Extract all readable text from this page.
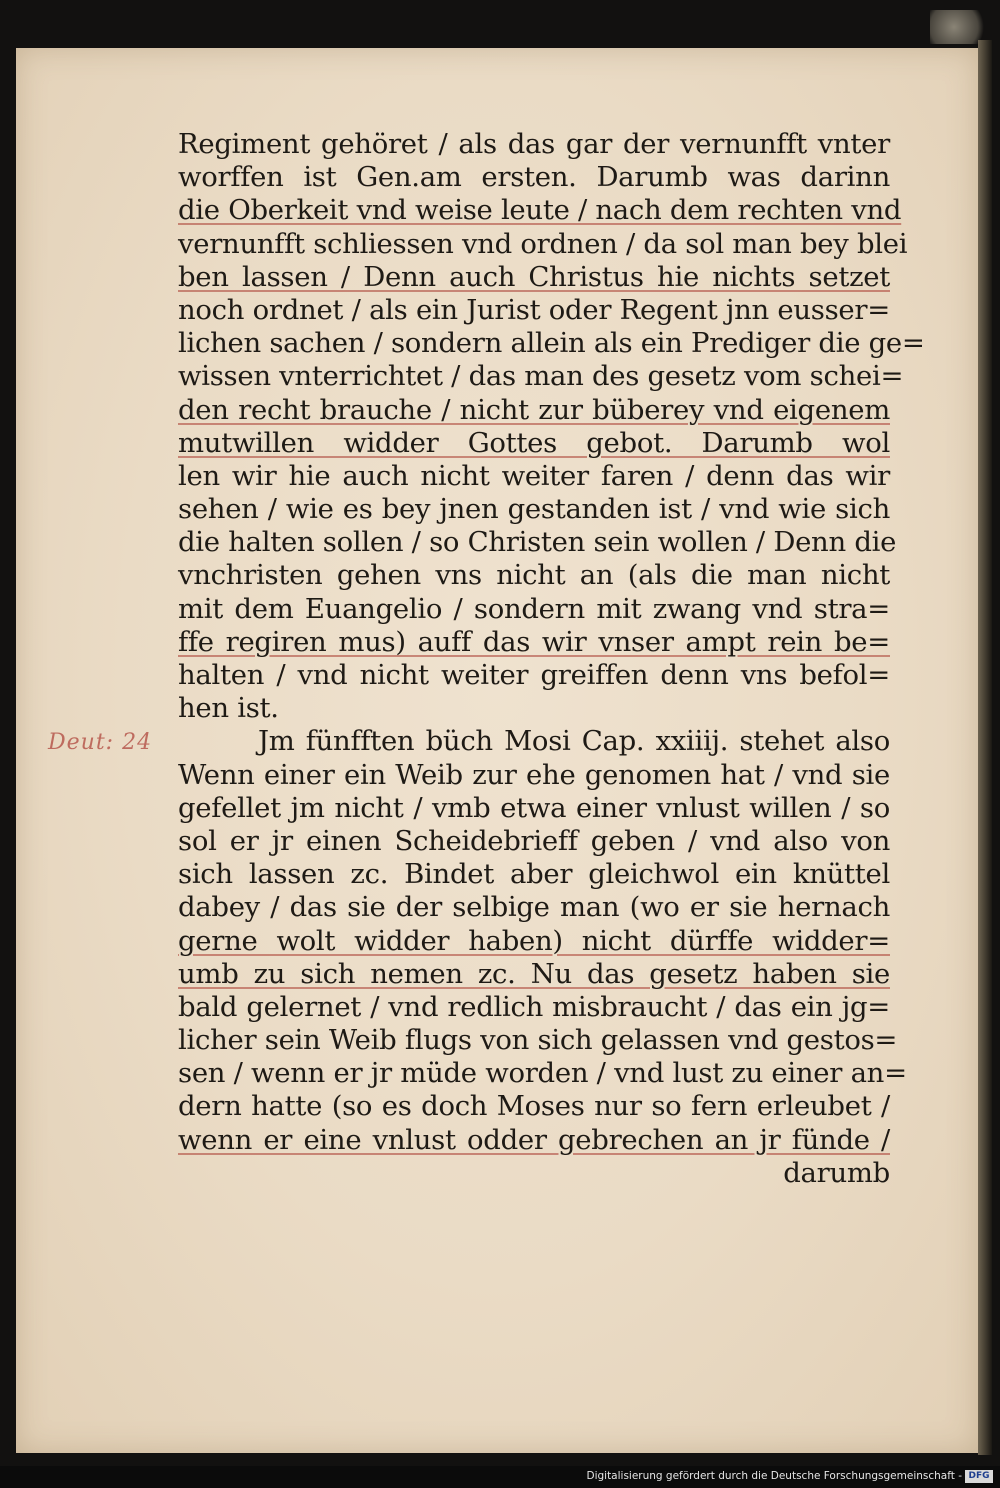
Regiment gehöret / als das gar der vernunfft vnter
worffen ist Gen.am ersten. Darumb was darinn
die Oberkeit vnd weise leute / nach dem rechten vnd
vernunfft schliessen vnd ordnen / da sol man bey blei
ben lassen / Denn auch Christus hie nichts setzet
noch ordnet / als ein Jurist oder Regent jnn eusser=
lichen sachen / sondern allein als ein Prediger die ge=
wissen vnterrichtet / das man des gesetz vom schei=
den recht brauche / nicht zur büberey vnd eigenem
mutwillen widder Gottes gebot. Darumb wol
len wir hie auch nicht weiter faren / denn das wir
sehen / wie es bey jnen gestanden ist / vnd wie sich
die halten sollen / so Christen sein wollen / Denn die
vnchristen gehen vns nicht an (als die man nicht
mit dem Euangelio / sondern mit zwang vnd stra=
ffe regiren mus) auff das wir vnser ampt rein be=
halten / vnd nicht weiter greiffen denn vns befol=
hen ist.
Jm fünfften büch Mosi Cap. xxiiij. stehet also
Wenn einer ein Weib zur ehe genomen hat / vnd sie
gefellet jm nicht / vmb etwa einer vnlust willen / so
sol er jr einen Scheidebrieff geben / vnd also von
sich lassen zc. Bindet aber gleichwol ein knüttel
dabey / das sie der selbige man (wo er sie hernach
gerne wolt widder haben) nicht dürffe widder=
umb zu sich nemen zc. Nu das gesetz haben sie
bald gelernet / vnd redlich misbraucht / das ein jg=
licher sein Weib flugs von sich gelassen vnd gestos=
sen / wenn er jr müde worden / vnd lust zu einer an=
dern hatte (so es doch Moses nur so fern erleubet /
wenn er eine vnlust odder gebrechen an jr fünde /
darumb
Deut: 24
Digitalisierung gefördert durch die Deutsche Forschungsgemeinschaft - DFG
